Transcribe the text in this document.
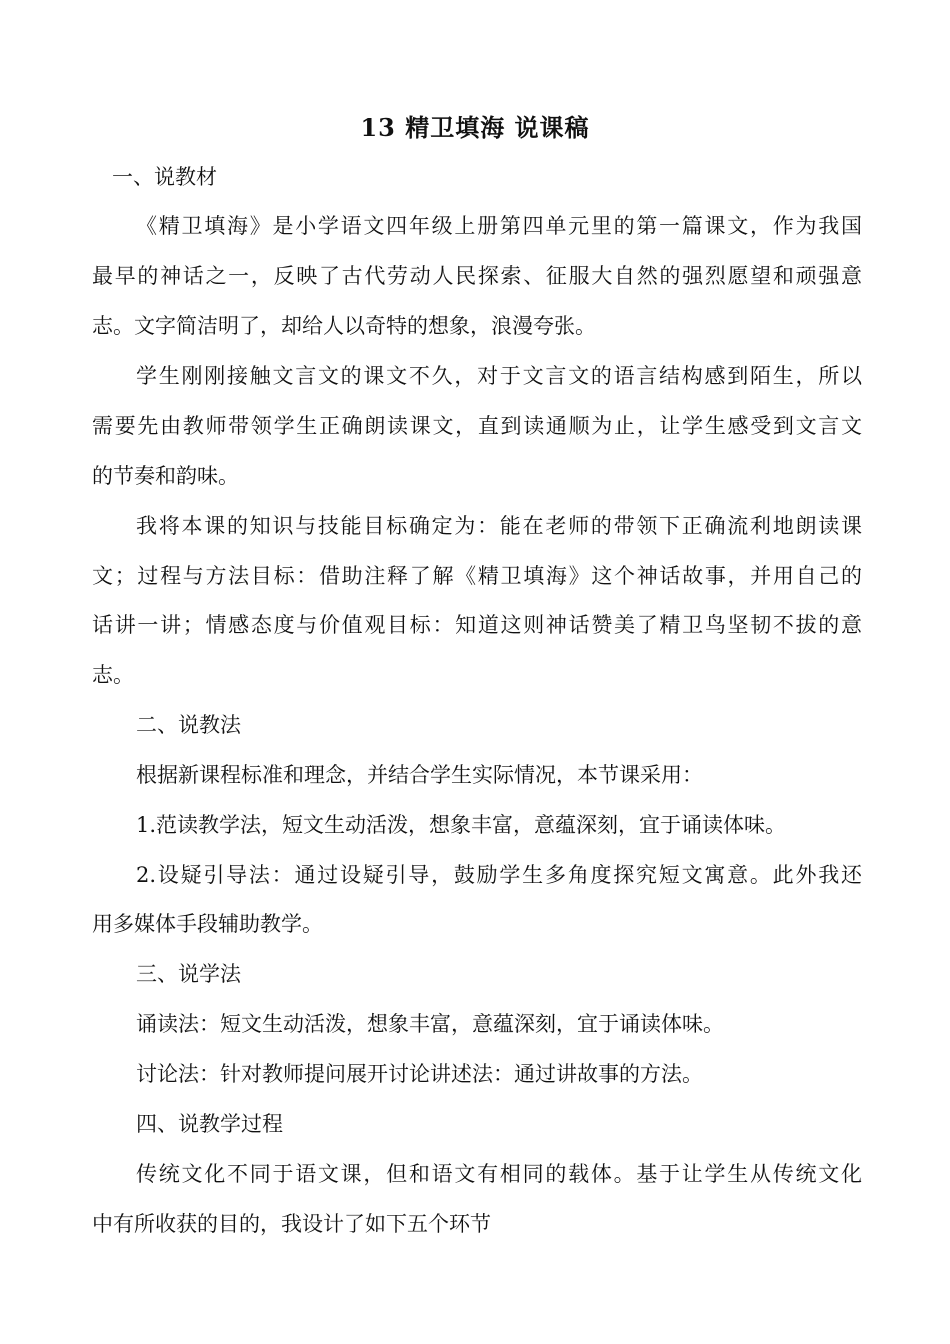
13 精卫填海 说课稿
一、说教材
《精卫填海》是小学语文四年级上册第四单元里的第一篇课文，作为我国
最早的神话之一，反映了古代劳动人民探索、征服大自然的强烈愿望和顽强意
志。文字简洁明了，却给人以奇特的想象，浪漫夸张。
学生刚刚接触文言文的课文不久，对于文言文的语言结构感到陌生，所以
需要先由教师带领学生正确朗读课文，直到读通顺为止，让学生感受到文言文
的节奏和韵味。
我将本课的知识与技能目标确定为：能在老师的带领下正确流利地朗读课
文；过程与方法目标：借助注释了解《精卫填海》这个神话故事，并用自己的
话讲一讲；情感态度与价值观目标：知道这则神话赞美了精卫鸟坚韧不拔的意
志。
二、说教法
根据新课程标准和理念，并结合学生实际情况，本节课采用：
1.范读教学法，短文生动活泼，想象丰富，意蕴深刻，宜于诵读体味。
2.设疑引导法：通过设疑引导，鼓励学生多角度探究短文寓意。此外我还
用多媒体手段辅助教学。
三、说学法
诵读法：短文生动活泼，想象丰富，意蕴深刻，宜于诵读体味。
讨论法：针对教师提问展开讨论讲述法：通过讲故事的方法。
四、说教学过程
传统文化不同于语文课，但和语文有相同的载体。基于让学生从传统文化
中有所收获的目的，我设计了如下五个环节
